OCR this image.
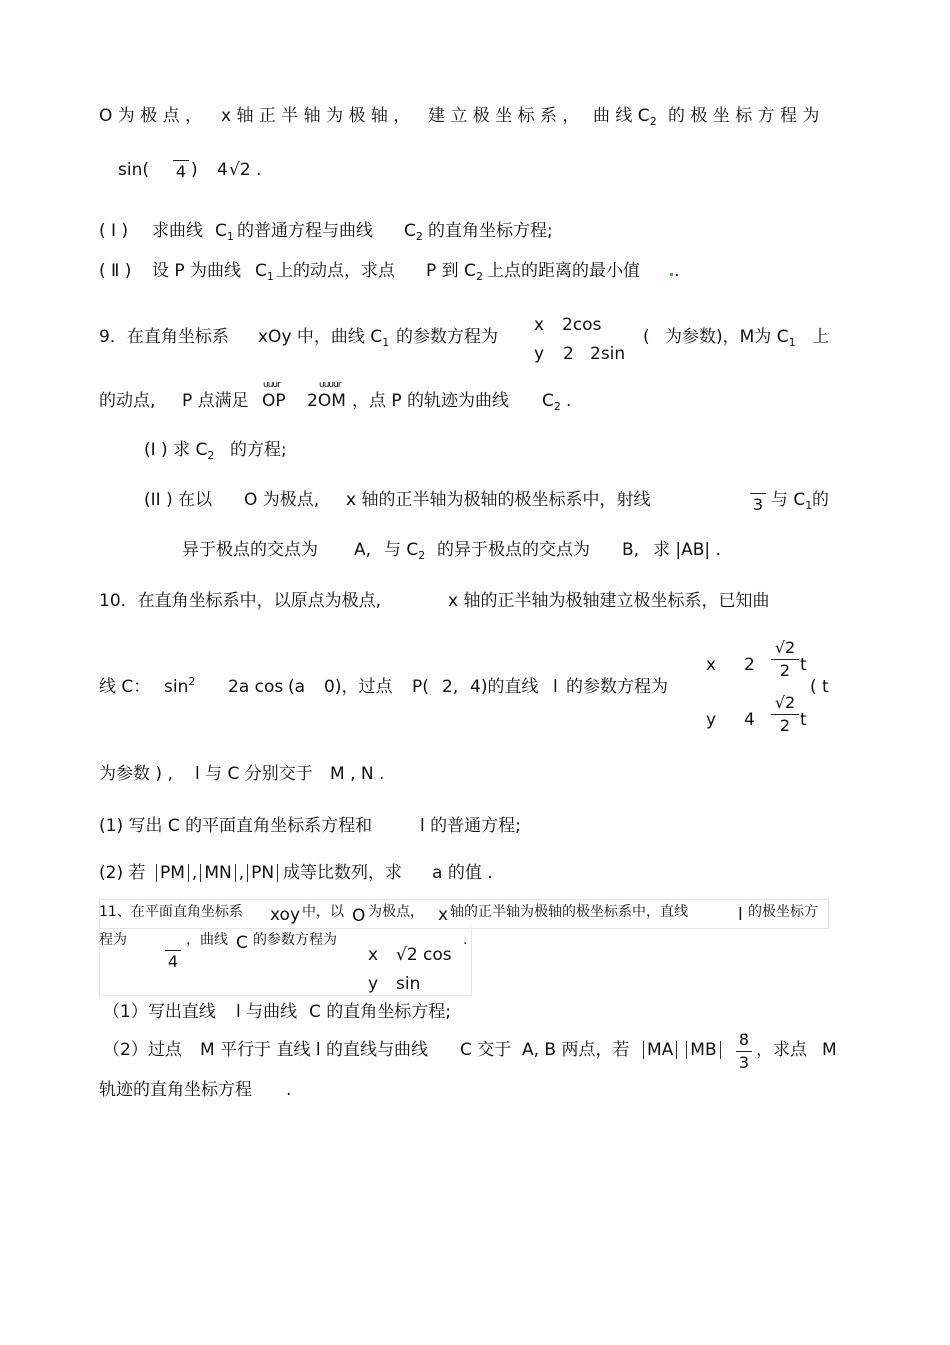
O 为 极 点 ， x 轴 正 半 轴 为 极 轴 ， 建 立 极 坐 标 系 ， 曲 线 $C_2$ 的 极 坐 标 方 程 为
sin( 4 ) 4 √2 .
( Ⅰ ) 求曲线 $C_1$ 的普通方程与曲线 $C_2$ 的直角坐标方程;
( Ⅱ ) 设 P 为曲线 $C_1$ 上的动点，求点 P 到 $C_2$ 上点的距离的最小值 .
9．在直角坐标系 xOy 中，曲线 $C_1$ 的参数方程为
x 2cos
y 2 2sin
( 为参数)，M为 $C_1$ 上
的动点, P 点满足
uuur
OP
uuuur
2OM ，点 P 的轨迹为曲线 $C_2$ .
(I ) 求 $C_2$ 的方程;
(II ) 在以 O 为极点, x 轴的正半轴为极轴的极坐标系中，射线	3 与 $C_1$ 的
异于极点的交点为 A, 与 $C_2$ 的异于极点的交点为 B, 求 |AB| .
10．在直角坐标系中，以原点为极点,	x 轴的正半轴为极轴建立极坐标系，已知曲
线 C： $\sin^2 2a$ cos (a 0)，过点 P( 2, 4)的直线 l 的参数方程为
x 2
√2
2 t
y 4
√2
2 t
( t
为参数 ) , l 与 C 分别交于 M , N .
(1) 写出 C 的平面直角坐标系方程和	l 的普通方程;
(2) 若 PM , MN , PN 成等比数列，求 a 的值 .
11、在平面直角坐标系 xoy 中，以 O 为极点， x 轴的正半轴为极轴的极坐标系中，直线	l 的极坐标方
程为
4
，曲线 C 的参数方程为
x √2 cos
y sin
.
（1）写出直线 l 与曲线 C 的直角坐标方程;
（2）过点 M 平行于 直线 l 的直线与曲线 C 交于 A, B 两点，若	MA MB
8
3
，求点 M
轨迹的直角坐标方程 .
